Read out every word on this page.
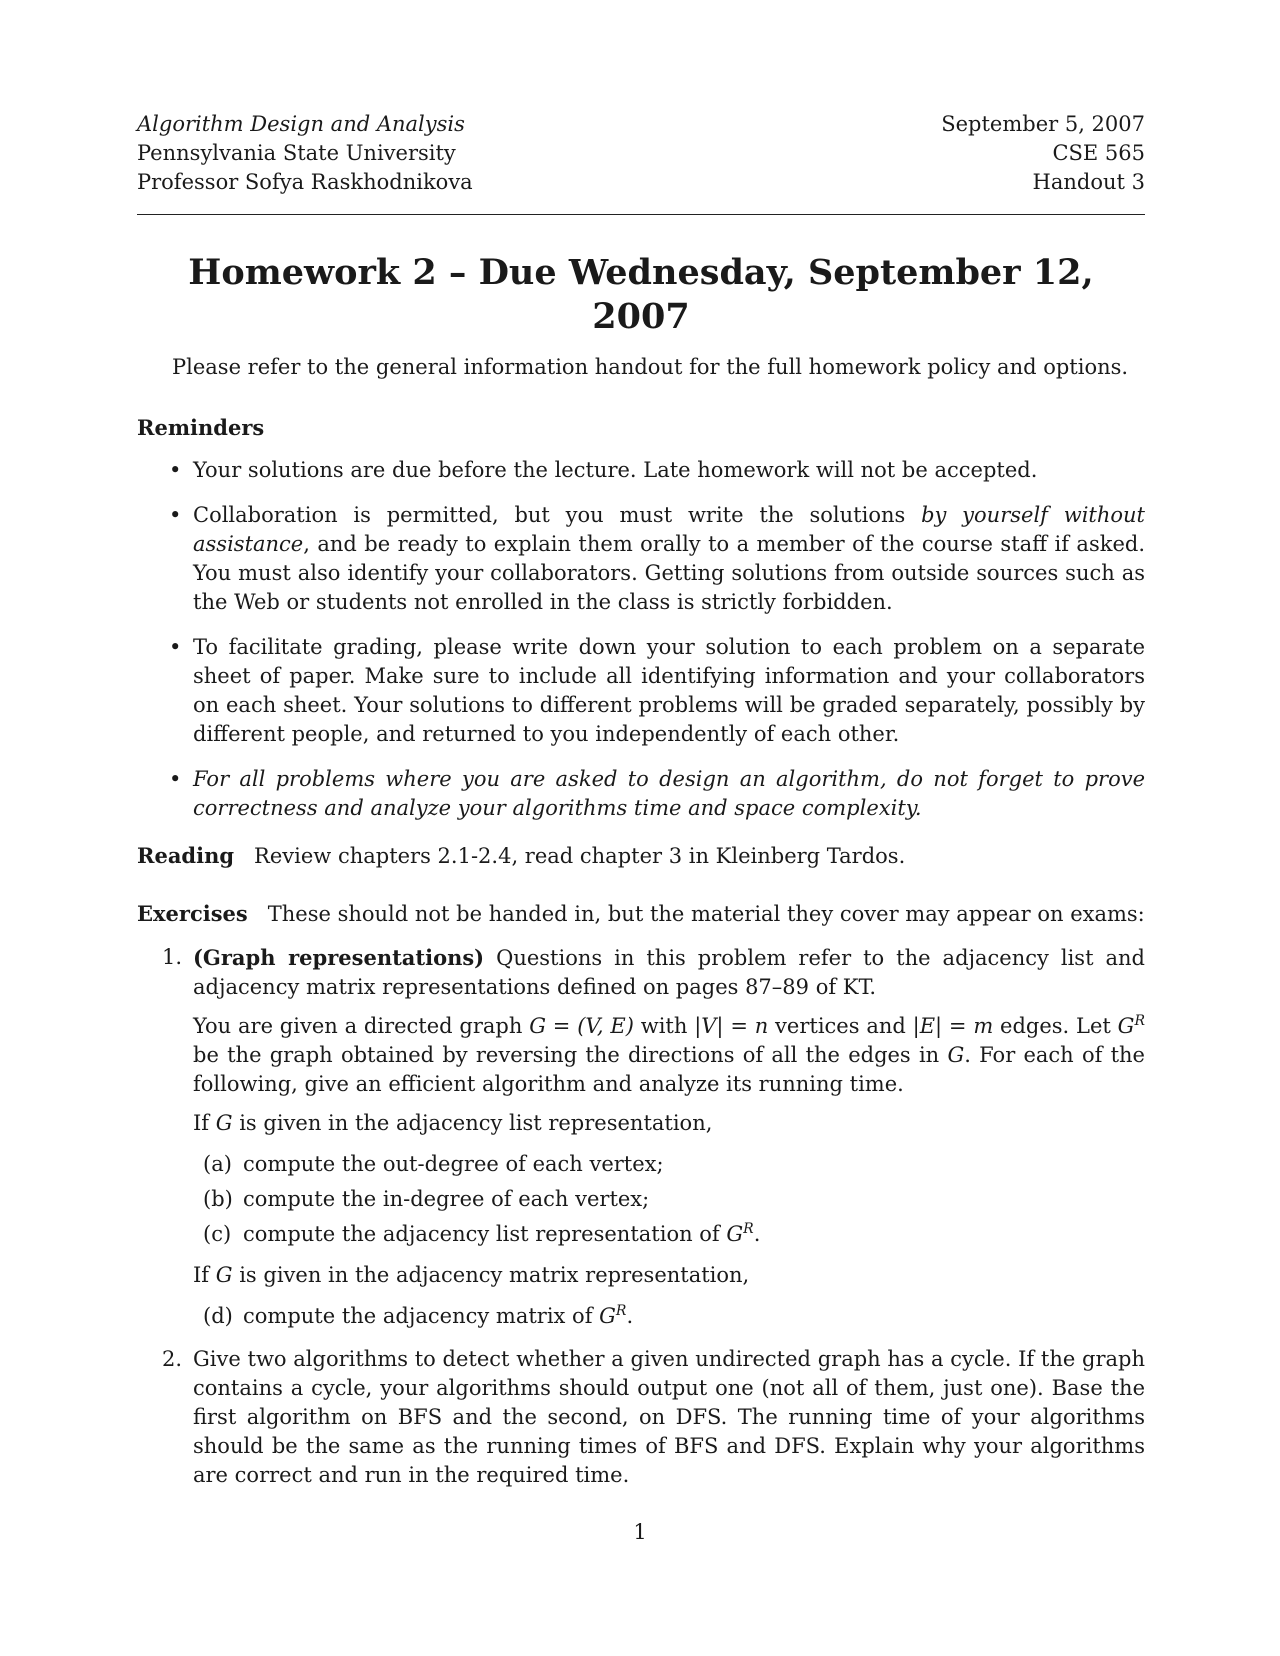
Algorithm Design and Analysis
Pennsylvania State University
Professor Sofya Raskhodnikova
September 5, 2007
CSE 565
Handout 3
Homework 2 – Due Wednesday, September 12, 2007
Please refer to the general information handout for the full homework policy and options.
Reminders
• Your solutions are due before the lecture. Late homework will not be accepted.
• Collaboration is permitted, but you must write the solutions by yourself without assistance, and be ready to explain them orally to a member of the course staff if asked. You must also identify your collaborators. Getting solutions from outside sources such as the Web or students not enrolled in the class is strictly forbidden.
• To facilitate grading, please write down your solution to each problem on a separate sheet of paper. Make sure to include all identifying information and your collaborators on each sheet. Your solutions to different problems will be graded separately, possibly by different people, and returned to you independently of each other.
• For all problems where you are asked to design an algorithm, do not forget to prove correctness and analyze your algorithms time and space complexity.
Reading Review chapters 2.1-2.4, read chapter 3 in Kleinberg Tardos.
Exercises These should not be handed in, but the material they cover may appear on exams:
1. (Graph representations) Questions in this problem refer to the adjacency list and adjacency matrix representations defined on pages 87–89 of KT.
You are given a directed graph G = (V, E) with |V| = n vertices and |E| = m edges. Let $G^R$ be the graph obtained by reversing the directions of all the edges in G. For each of the following, give an efficient algorithm and analyze its running time.
If G is given in the adjacency list representation,
(a) compute the out-degree of each vertex;
(b) compute the in-degree of each vertex;
(c) compute the adjacency list representation of $G^R$.
If G is given in the adjacency matrix representation,
(d) compute the adjacency matrix of $G^R$.
2. Give two algorithms to detect whether a given undirected graph has a cycle. If the graph contains a cycle, your algorithms should output one (not all of them, just one). Base the first algorithm on BFS and the second, on DFS. The running time of your algorithms should be the same as the running times of BFS and DFS. Explain why your algorithms are correct and run in the required time.
1
